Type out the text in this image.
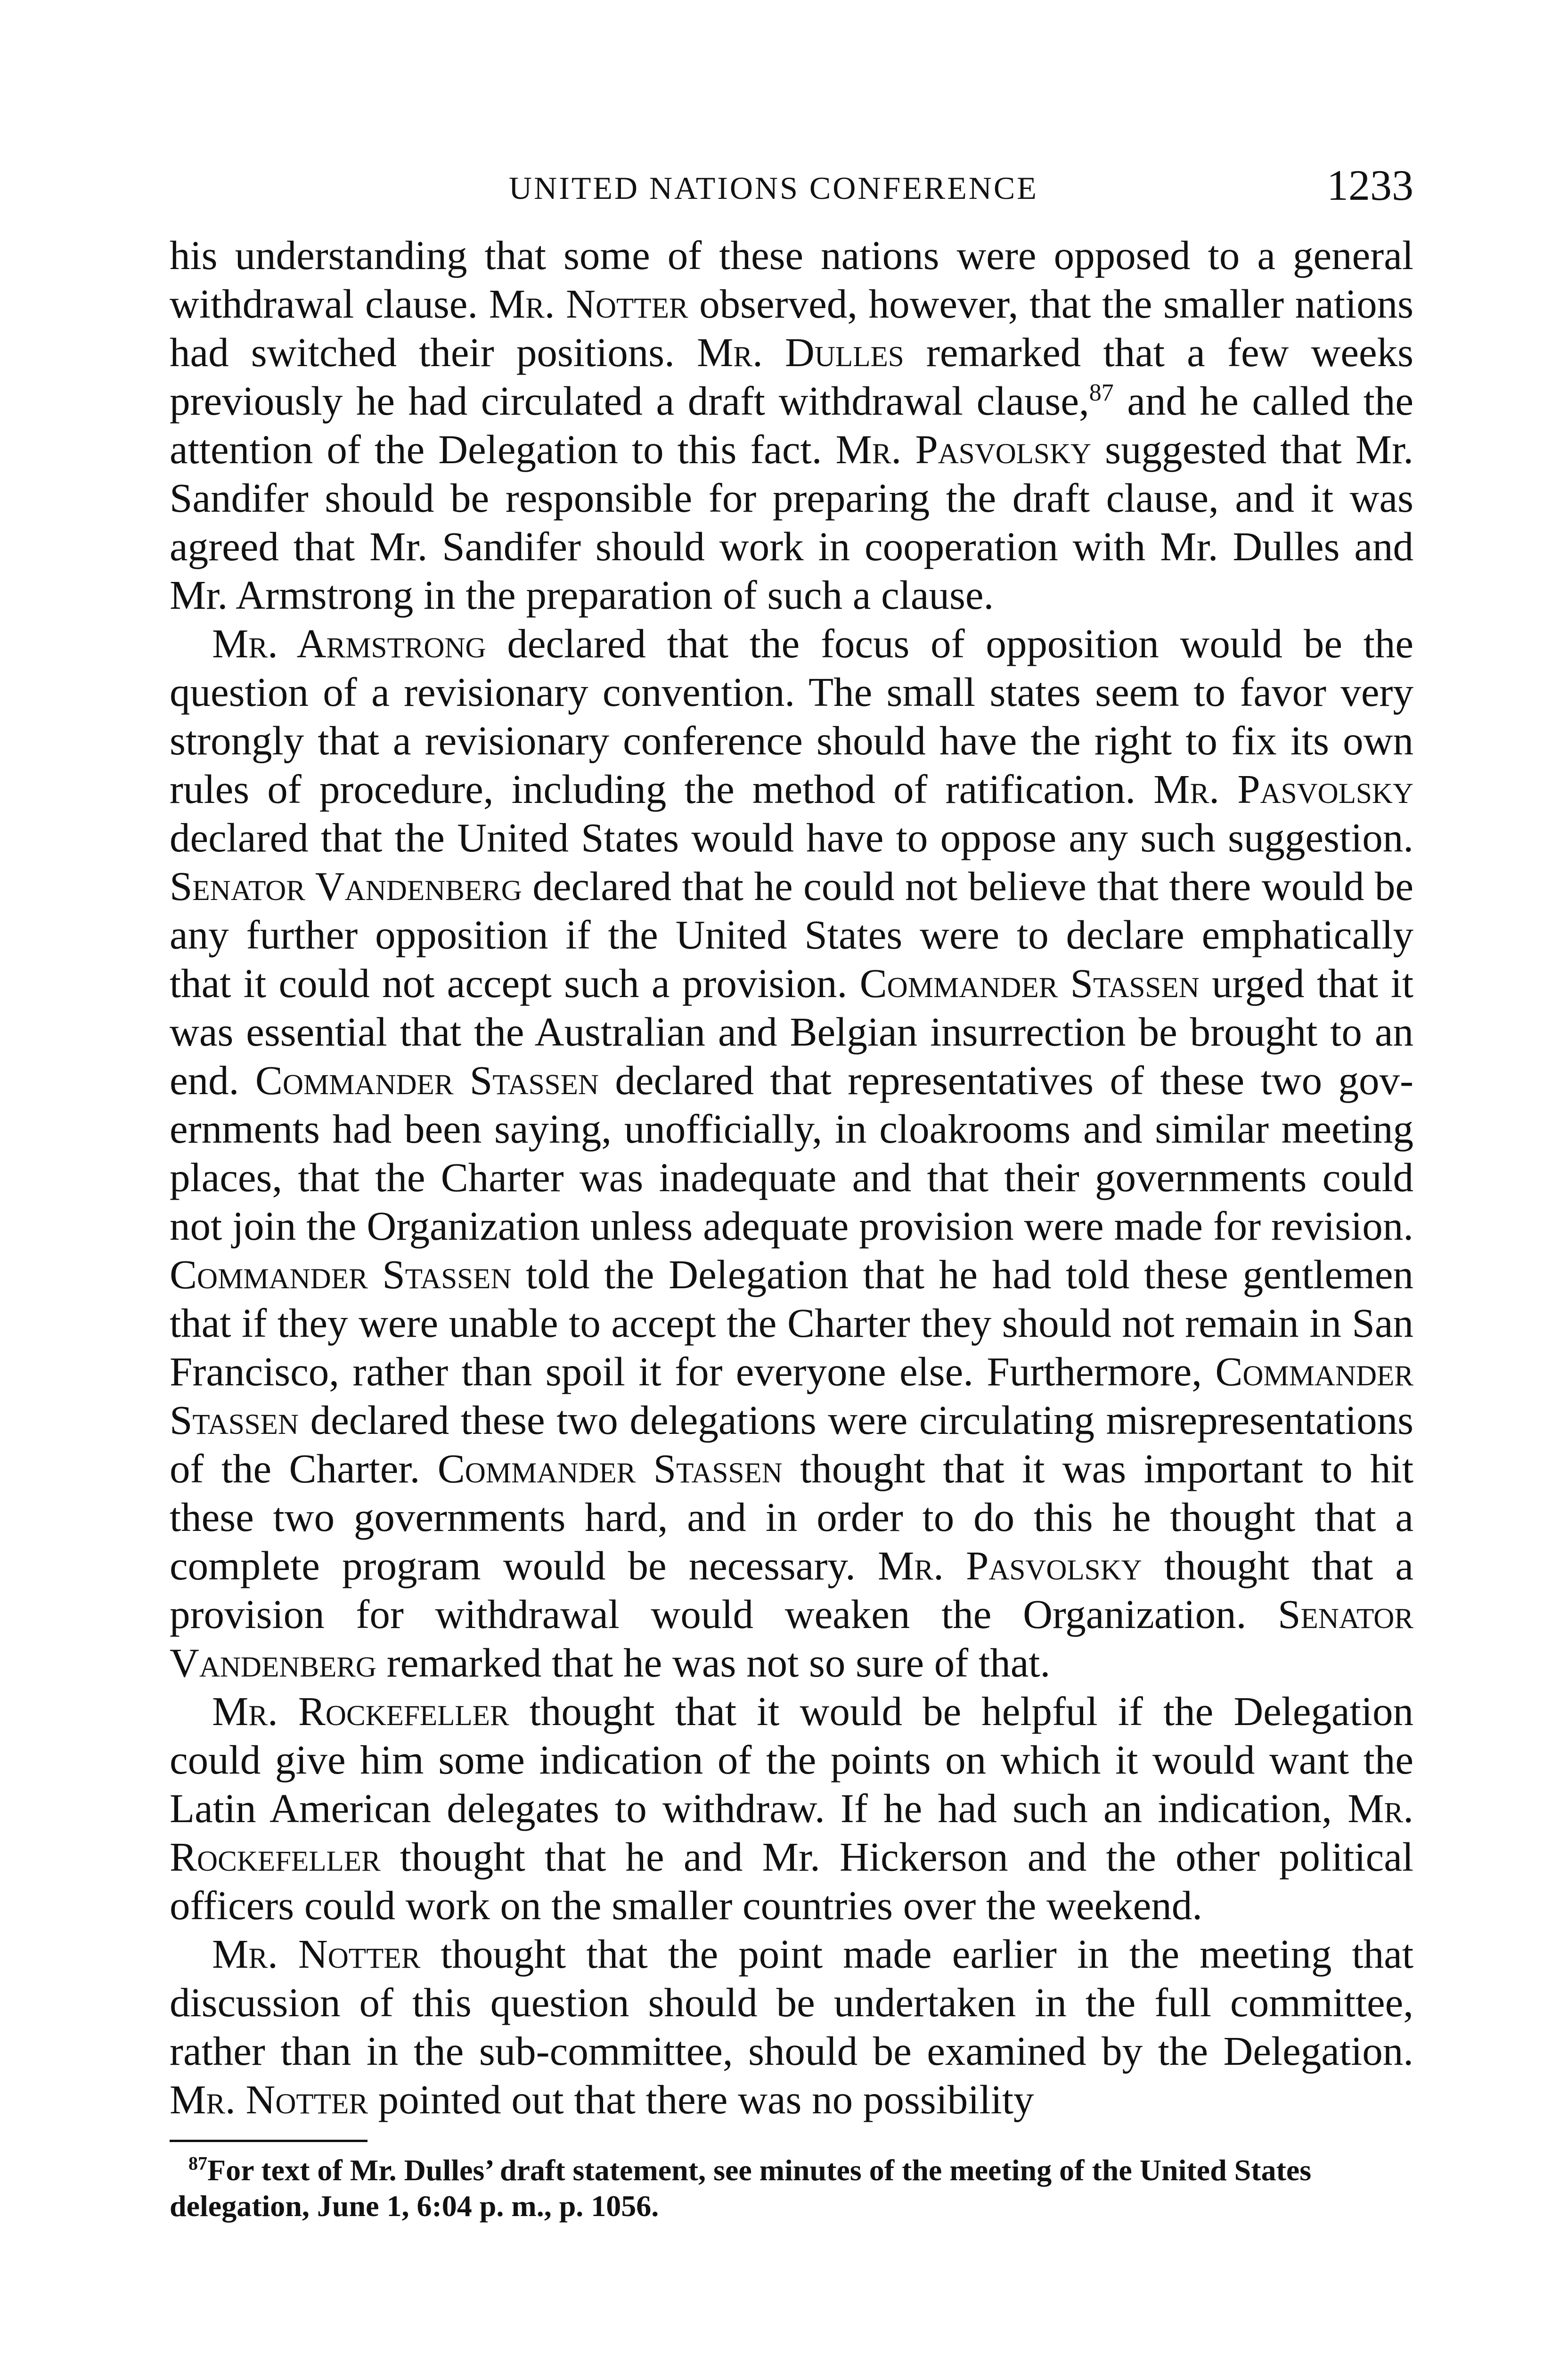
UNITED NATIONS CONFERENCE	1233

his understanding that some of these nations were opposed to a general withdrawal clause. Mr. Notter observed, however, that the smaller nations had switched their positions. Mr. Dulles remarked that a few weeks previously he had circulated a draft withdrawal clause,$^{87}$ and he called the attention of the Delegation to this fact. Mr. Pasvolsky suggested that Mr. Sandifer should be responsible for preparing the draft clause, and it was agreed that Mr. Sandifer should work in cooperation with Mr. Dulles and Mr. Armstrong in the preparation of such a clause.

Mr. Armstrong declared that the focus of opposition would be the question of a revisionary convention. The small states seem to favor very strongly that a revisionary conference should have the right to fix its own rules of procedure, including the method of ratification. Mr. Pasvolsky declared that the United States would have to oppose any such suggestion. Senator Vandenberg declared that he could not believe that there would be any further opposition if the United States were to declare emphatically that it could not accept such a provision. Commander Stassen urged that it was essential that the Australian and Belgian insurrection be brought to an end. Commander Stassen declared that representatives of these two governments had been saying, unofficially, in cloakrooms and similar meeting places, that the Charter was inadequate and that their governments could not join the Organization unless adequate provision were made for revision. Commander Stassen told the Delegation that he had told these gentlemen that if they were unable to accept the Charter they should not remain in San Francisco, rather than spoil it for everyone else. Furthermore, Commander Stassen declared these two delegations were circulating misrepresentations of the Charter. Commander Stassen thought that it was important to hit these two governments hard, and in order to do this he thought that a complete program would be necessary. Mr. Pasvolsky thought that a provision for withdrawal would weaken the Organization. Senator Vandenberg remarked that he was not so sure of that.

Mr. Rockefeller thought that it would be helpful if the Delegation could give him some indication of the points on which it would want the Latin American delegates to withdraw. If he had such an indication, Mr. Rockefeller thought that he and Mr. Hickerson and the other political officers could work on the smaller countries over the weekend.

Mr. Notter thought that the point made earlier in the meeting that discussion of this question should be undertaken in the full committee, rather than in the sub-committee, should be examined by the Delegation. Mr. Notter pointed out that there was no possibility

$^{87}$For text of Mr. Dulles’ draft statement, see minutes of the meeting of the United States delegation, June 1, 6:04 p. m., p. 1056.
